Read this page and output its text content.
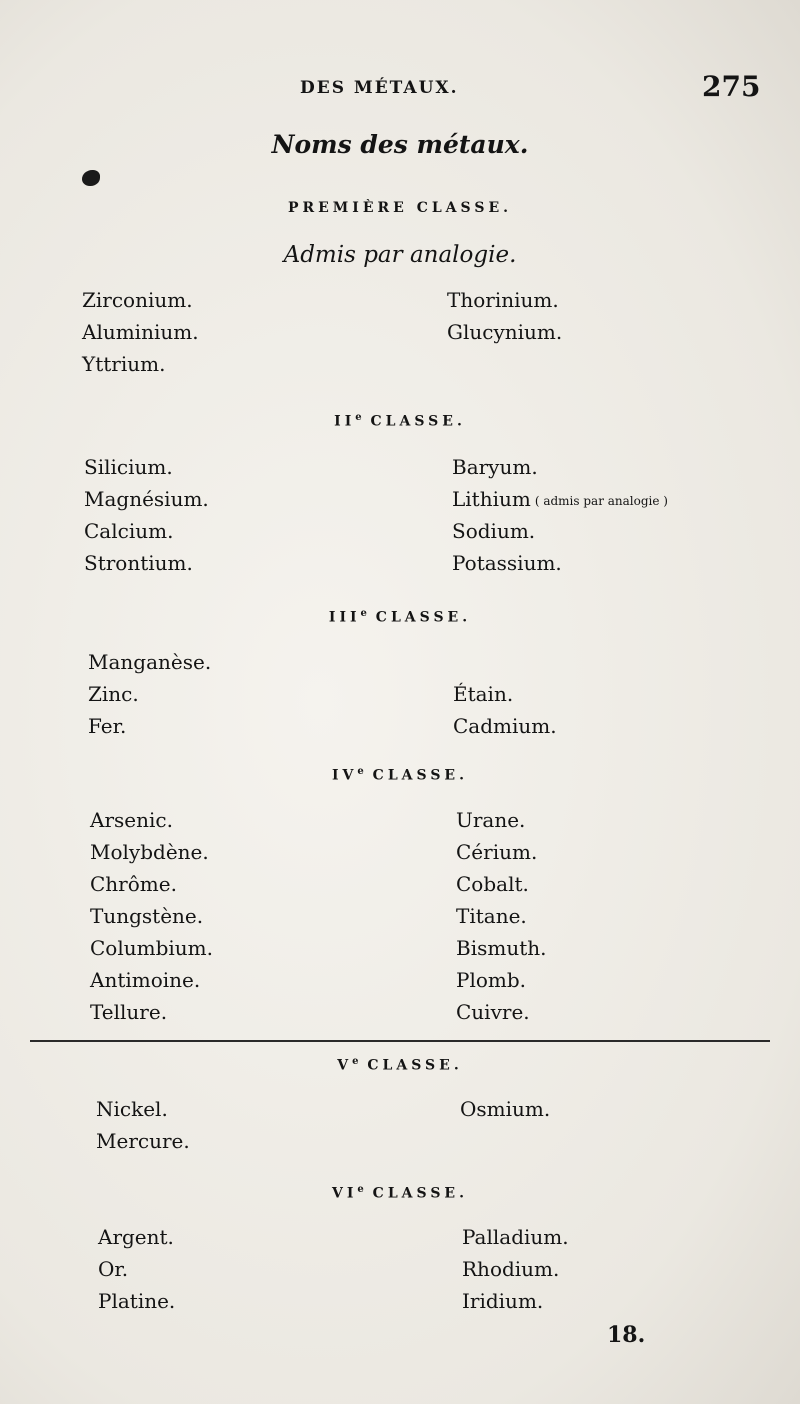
DES MÉTAUX.	275
Noms des métaux.
PREMIÈRE CLASSE.
Admis par analogie.
Zirconium.
Aluminium.
Yttrium.
Thorinium.
Glucynium.
IIe CLASSE.
Silicium.
Magnésium.
Calcium.
Strontium.
Baryum.
Lithium ( admis par analogie )
Sodium.
Potassium.
IIIe CLASSE.
Manganèse.
Zinc.
Fer.
Étain.
Cadmium.
IVe CLASSE.
Arsenic.
Molybdène.
Chrôme.
Tungstène.
Columbium.
Antimoine.
Tellure.
Urane.
Cérium.
Cobalt.
Titane.
Bismuth.
Plomb.
Cuivre.
Ve CLASSE.
Nickel.
Mercure.
Osmium.
VIe CLASSE.
Argent.
Or.
Platine.
Palladium.
Rhodium.
Iridium.
18.
